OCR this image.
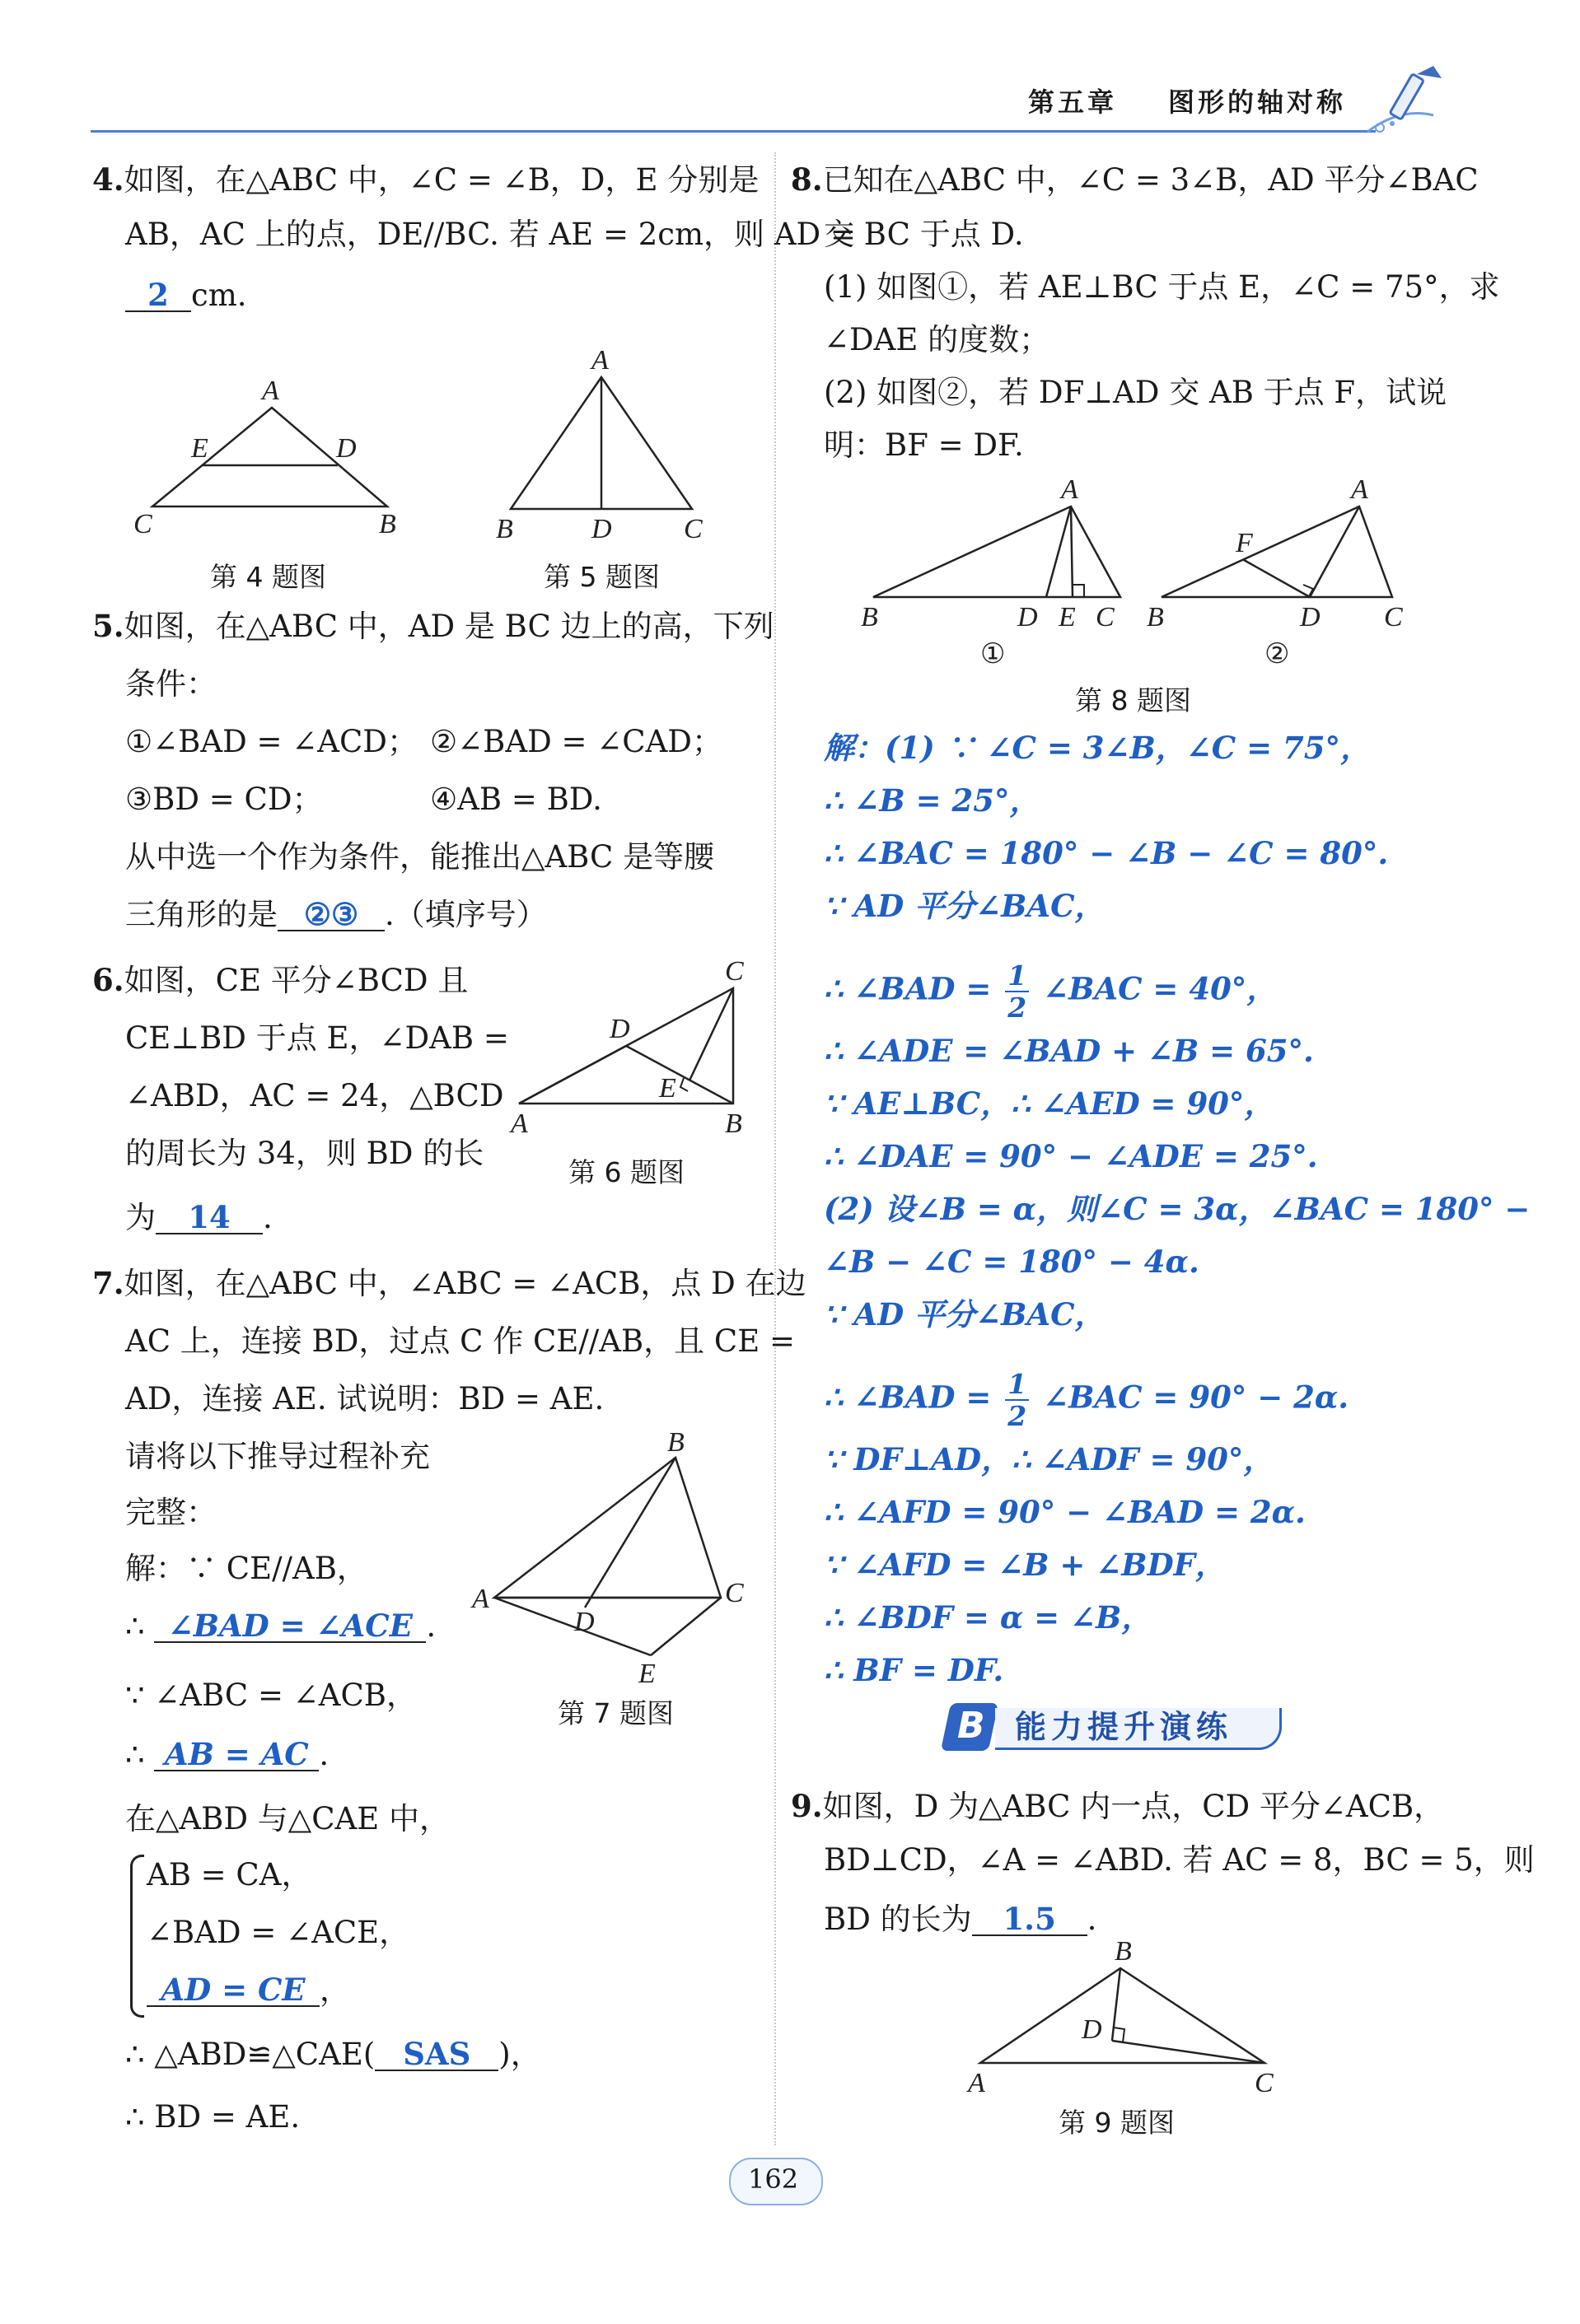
第五章 图形的轴对称
4.如图，在△ABC 中，∠C = ∠B，D，E 分别是
AB，AC 上的点，DE//BC. 若 AE = 2cm，则 AD =
2 cm.
A
E	D
C	B
第 4 题图
A
B	D	C
第 5 题图
5.如图，在△ABC 中，AD 是 BC 边上的高，下列
条件：
①∠BAD = ∠ACD； ②∠BAD = ∠CAD；
③BD = CD；	④AB = BD.
从中选一个作为条件，能推出△ABC 是等腰
三角形的是 ②③ .（填序号）
6.如图，CE 平分∠BCD 且
CE⊥BD 于点 E，∠DAB =
∠ABD，AC = 24，△BCD
的周长为 34，则 BD 的长
为 14 .
C
D
E
A	B
第 6 题图
7.如图，在△ABC 中，∠ABC = ∠ACB，点 D 在边
AC 上，连接 BD，过点 C 作 CE//AB，且 CE =
AD，连接 AE. 试说明：BD = AE.
请将以下推导过程补充
完整：
解：∵ CE//AB，
∴ ∠BAD = ∠ACE .
∵ ∠ABC = ∠ACB，
∴ AB = AC .
在△ABD 与△CAE 中，
AB = CA，
∠BAD = ∠ACE，
AD = CE ，
∴ △ABD≌△CAE( SAS )，
∴ BD = AE.
B
A
D
C
E
第 7 题图
8.已知在△ABC 中，∠C = 3∠B，AD 平分∠BAC
交 BC 于点 D.
(1) 如图①，若 AE⊥BC 于点 E，∠C = 75°，求
∠DAE 的度数；
(2) 如图②，若 DF⊥AD 交 AB 于点 F，试说
明：BF = DF.
A
B	D E C
①
A
F
B	D C
②
第 8 题图
解：(1) ∵ ∠C = 3∠B，∠C = 75°，
∴ ∠B = 25°，
∴ ∠BAC = 180° − ∠B − ∠C = 80°.
∵ AD 平分∠BAC，
∴ ∠BAD = $\frac{1}{2}$ ∠BAC = 40°，
∴ ∠ADE = ∠BAD + ∠B = 65°.
∵ AE⊥BC，∴ ∠AED = 90°，
∴ ∠DAE = 90° − ∠ADE = 25°.
(2) 设∠B = α，则∠C = 3α，∠BAC = 180° −
∠B − ∠C = 180° − 4α.
∵ AD 平分∠BAC，
∴ ∠BAD = $\frac{1}{2}$ ∠BAC = 90° − 2α.
∵ DF⊥AD，∴ ∠ADF = 90°，
∴ ∠AFD = 90° − ∠BAD = 2α.
∵ ∠AFD = ∠B + ∠BDF，
∴ ∠BDF = α = ∠B，
∴ BF = DF.
B 能力提升演练
9.如图，D 为△ABC 内一点，CD 平分∠ACB，
BD⊥CD，∠A = ∠ABD. 若 AC = 8，BC = 5，则
BD 的长为 1.5 .
B
D
A	C
第 9 题图
162
